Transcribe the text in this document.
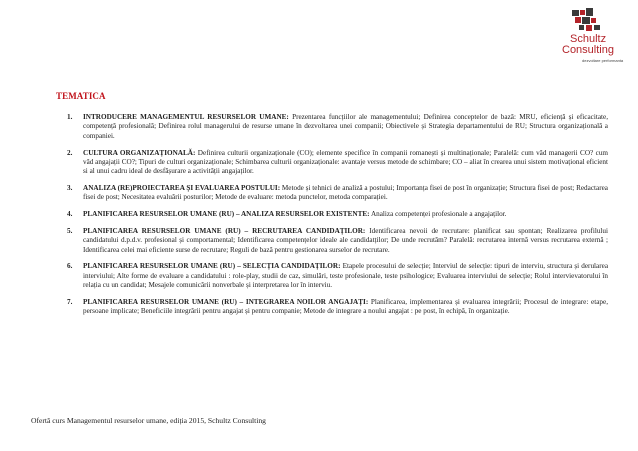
Schultz
Consulting
dezvoltare performanta
TEMATICA
1. INTRODUCERE MANAGEMENTUL RESURSELOR UMANE: Prezentarea funcțiilor ale managementului; Definirea conceptelor de bază: MRU, eficiență și eficacitate, competență profesională; Definirea rolul managerului de resurse umane în dezvoltarea unei companii; Obiectivele și Strategia departamentului de RU; Structura organizațională a companiei.
2. CULTURA ORGANIZAȚIONALĂ: Definirea culturii organizaționale (CO); elemente specifice în companii romanești și multinaționale; Paralelă: cum văd managerii CO? cum văd angajații CO?; Tipuri de culturi organizaționale; Schimbarea culturii organizaționale: avantaje versus metode de schimbare; CO – aliat în crearea unui sistem motivațional eficient si al unui cadru ideal de desfășurare a activității angajaților.
3. ANALIZA (RE)PROIECTAREA ȘI EVALUAREA POSTULUI: Metode și tehnici de analiză a postului; Importanța fisei de post în organizație; Structura fisei de post; Redactarea fisei de post; Necesitatea evaluării posturilor; Metode de evaluare: metoda punctelor, metoda comparației.
4. PLANIFICAREA RESURSELOR UMANE (RU) – ANALIZA RESURSELOR EXISTENTE: Analiza competenței profesionale a angajaților.
5. PLANIFICAREA RESURSELOR UMANE (RU) – RECRUTAREA CANDIDAȚILOR: Identificarea nevoii de recrutare: planificat sau spontan; Realizarea profilului candidatului d.p.d.v. profesional și comportamental; Identificarea competențelor ideale ale candidatților; De unde recrutăm? Paralelă: recrutarea internă versus recrutarea externă ; Identificarea celei mai eficiente surse de recrutare; Reguli de bază pentru gestionarea surselor de recrutare.
6. PLANIFICAREA RESURSELOR UMANE (RU) – SELECȚIA CANDIDAȚILOR: Etapele procesului de selecție; Interviul de selecție: tipuri de interviu, structura și derularea interviului; Alte forme de evaluare a candidatului : role-play, studii de caz, simulări, teste profesionale, teste psihologice; Evaluarea interviului de selecție; Rolul intervievatorului în relația cu un candidat; Mesajele comunicării nonverbale și interpretarea lor în interviu.
7. PLANIFICAREA RESURSELOR UMANE (RU) – INTEGRAREA NOILOR ANGAJAȚI: Planificarea, implementarea și evaluarea integrării; Procesul de integrare: etape, persoane implicate; Beneficiile integrării pentru angajat și pentru companie; Metode de integrare a noului angajat : pe post, în echipă, în organizație.
Ofertă curs Managementul resurselor umane, ediția 2015, Schultz Consulting
